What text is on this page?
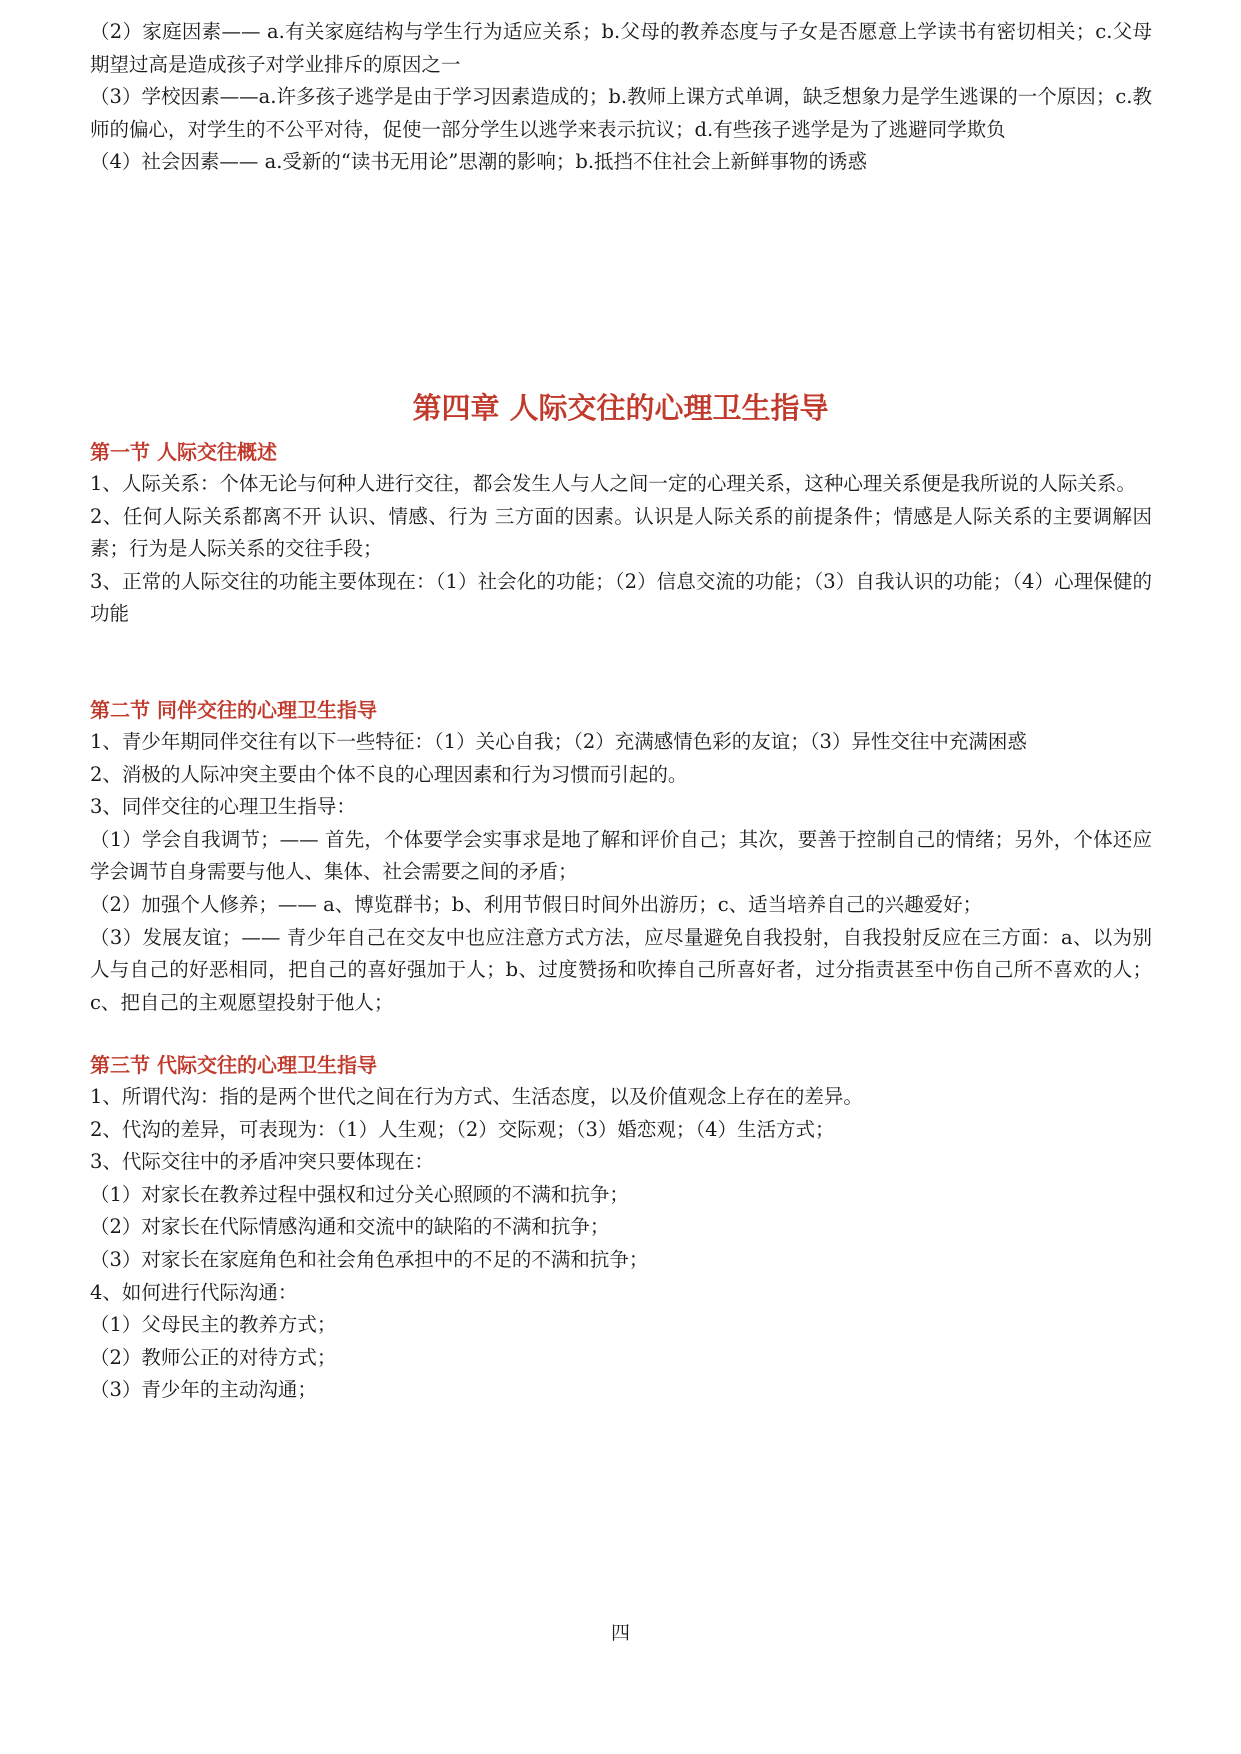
（2）家庭因素—— a.有关家庭结构与学生行为适应关系；b.父母的教养态度与子女是否愿意上学读书有密切相关；c.父母期望过高是造成孩子对学业排斥的原因之一

（3）学校因素——a.许多孩子逃学是由于学习因素造成的；b.教师上课方式单调，缺乏想象力是学生逃课的一个原因；c.教师的偏心，对学生的不公平对待，促使一部分学生以逃学来表示抗议；d.有些孩子逃学是为了逃避同学欺负

（4）社会因素—— a.受新的“读书无用论”思潮的影响；b.抵挡不住社会上新鲜事物的诱惑

第四章 人际交往的心理卫生指导
第一节 人际交往概述

1、人际关系：个体无论与何种人进行交往，都会发生人与人之间一定的心理关系，这种心理关系便是我所说的人际关系。

2、任何人际关系都离不开 认识、情感、行为 三方面的因素。认识是人际关系的前提条件；情感是人际关系的主要调解因素；行为是人际关系的交往手段；

3、正常的人际交往的功能主要体现在：（1）社会化的功能；（2）信息交流的功能；（3）自我认识的功能；（4）心理保健的功能

第二节 同伴交往的心理卫生指导

1、青少年期同伴交往有以下一些特征：（1）关心自我；（2）充满感情色彩的友谊；（3）异性交往中充满困惑

2、消极的人际冲突主要由个体不良的心理因素和行为习惯而引起的。

3、同伴交往的心理卫生指导：

（1）学会自我调节；—— 首先，个体要学会实事求是地了解和评价自己；其次，要善于控制自己的情绪；另外，个体还应学会调节自身需要与他人、集体、社会需要之间的矛盾；

（2）加强个人修养；—— a、博览群书；b、利用节假日时间外出游历；c、适当培养自己的兴趣爱好；

（3）发展友谊；—— 青少年自己在交友中也应注意方式方法，应尽量避免自我投射，自我投射反应在三方面：a、以为别人与自己的好恶相同，把自己的喜好强加于人；b、过度赞扬和吹捧自己所喜好者，过分指责甚至中伤自己所不喜欢的人；c、把自己的主观愿望投射于他人；

第三节 代际交往的心理卫生指导

1、所谓代沟：指的是两个世代之间在行为方式、生活态度，以及价值观念上存在的差异。

2、代沟的差异，可表现为：（1）人生观；（2）交际观；（3）婚恋观；（4）生活方式；

3、代际交往中的矛盾冲突只要体现在：

（1）对家长在教养过程中强权和过分关心照顾的不满和抗争；

（2）对家长在代际情感沟通和交流中的缺陷的不满和抗争；

（3）对家长在家庭角色和社会角色承担中的不足的不满和抗争；

4、如何进行代际沟通：

（1）父母民主的教养方式；

（2）教师公正的对待方式；

（3）青少年的主动沟通；

四
